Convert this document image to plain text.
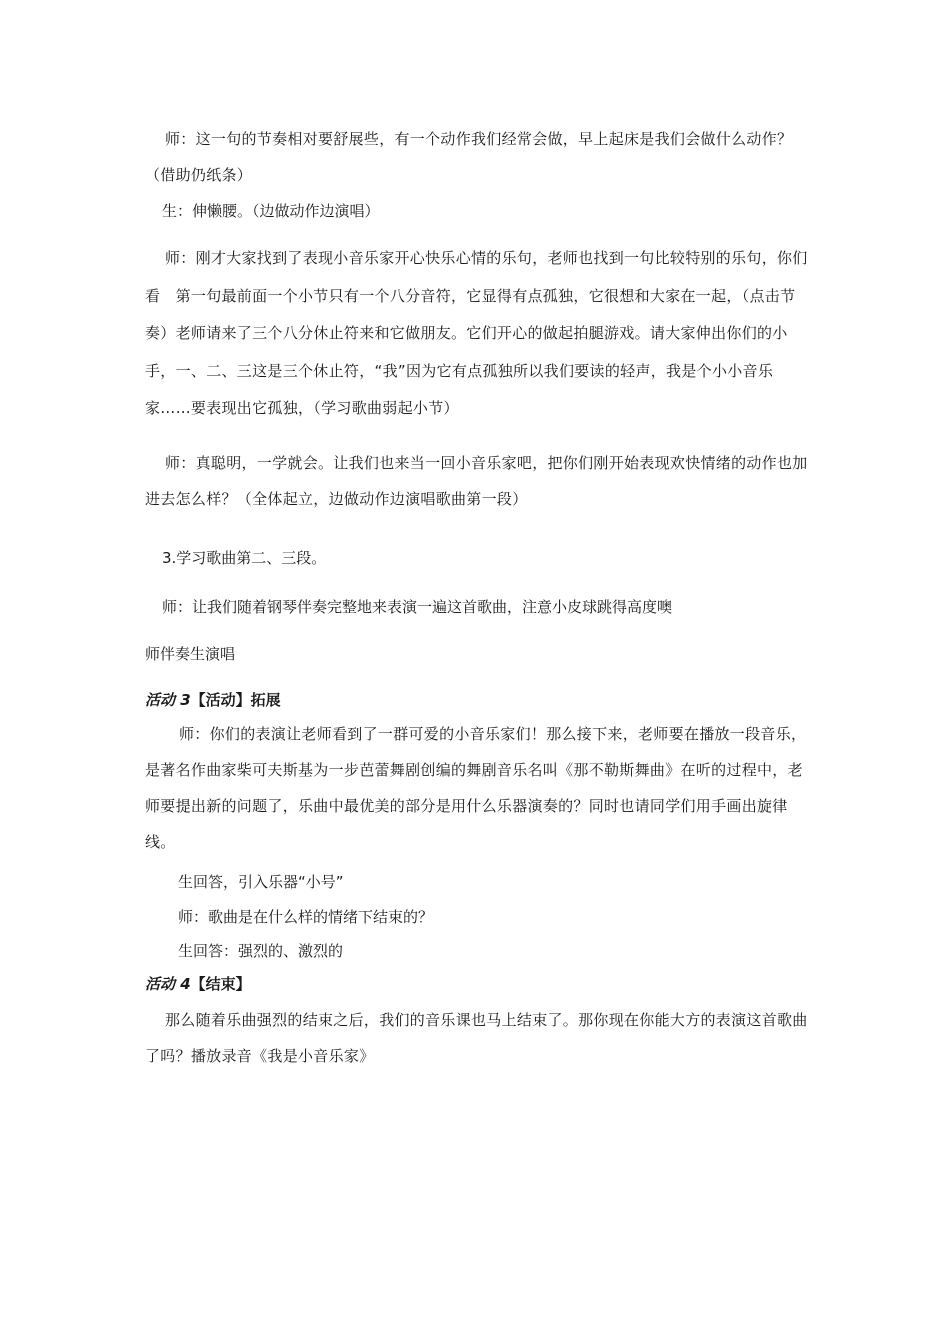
师：这一句的节奏相对要舒展些，有一个动作我们经常会做，早上起床是我们会做什么动作？（借助仍纸条）

生：伸懒腰。（边做动作边演唱）

师：刚才大家找到了表现小音乐家开心快乐心情的乐句，老师也找到一句比较特别的乐句，你们看　第一句最前面一个小节只有一个八分音符，它显得有点孤独，它很想和大家在一起，（点击节奏）老师请来了三个八分休止符来和它做朋友。它们开心的做起拍腿游戏。请大家伸出你们的小手，一、二、三这是三个休止符，“我”因为它有点孤独所以我们要读的轻声，我是个小小音乐家……要表现出它孤独，（学习歌曲弱起小节）

师：真聪明，一学就会。让我们也来当一回小音乐家吧，把你们刚开始表现欢快情绪的动作也加进去怎么样？（全体起立，边做动作边演唱歌曲第一段）

3.学习歌曲第二、三段。

师：让我们随着钢琴伴奏完整地来表演一遍这首歌曲，注意小皮球跳得高度噢

师伴奏生演唱

活动 3【活动】拓展

师：你们的表演让老师看到了一群可爱的小音乐家们！那么接下来，老师要在播放一段音乐，是著名作曲家柴可夫斯基为一步芭蕾舞剧创编的舞剧音乐名叫《那不勒斯舞曲》在听的过程中，老师要提出新的问题了，乐曲中最优美的部分是用什么乐器演奏的？同时也请同学们用手画出旋律线。

生回答，引入乐器“小号”

师：歌曲是在什么样的情绪下结束的？

生回答：强烈的、激烈的

活动 4【结束】

那么随着乐曲强烈的结束之后，我们的音乐课也马上结束了。那你现在你能大方的表演这首歌曲了吗？播放录音《我是小音乐家》
